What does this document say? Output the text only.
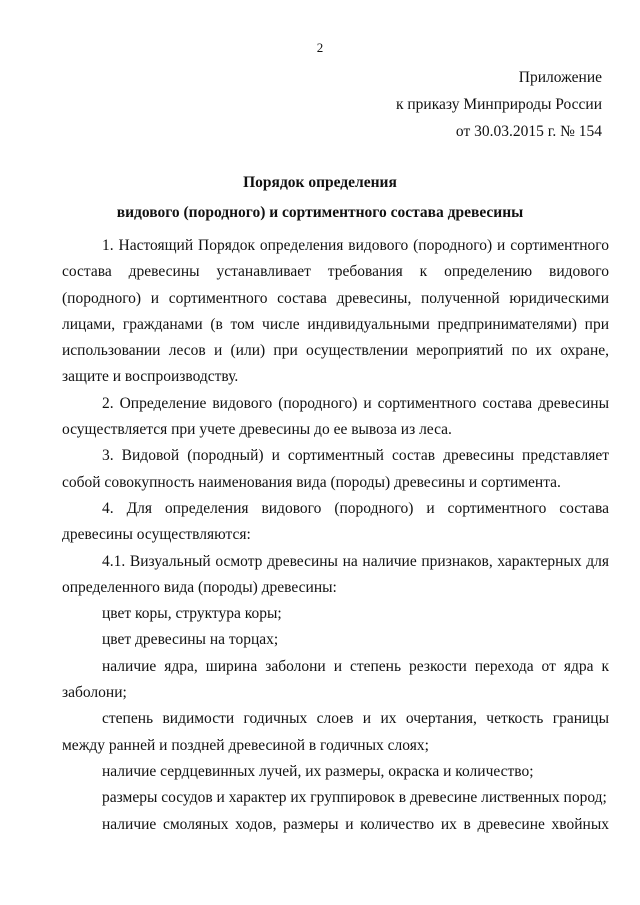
2
Приложение
к приказу Минприроды России
от 30.03.2015 г. № 154
Порядок определения
видового (породного) и сортиментного состава древесины

1. Настоящий Порядок определения видового (породного) и сортиментного состава древесины устанавливает требования к определению видового (породного) и сортиментного состава древесины, полученной юридическими лицами, гражданами (в том числе индивидуальными предпринимателями) при использовании лесов и (или) при осуществлении мероприятий по их охране, защите и воспроизводству.

2. Определение видового (породного) и сортиментного состава древесины осуществляется при учете древесины до ее вывоза из леса.

3. Видовой (породный) и сортиментный состав древесины представляет собой совокупность наименования вида (породы) древесины и сортимента.

4. Для определения видового (породного) и сортиментного состава древесины осуществляются:

4.1. Визуальный осмотр древесины на наличие признаков, характерных для определенного вида (породы) древесины:

цвет коры, структура коры;

цвет древесины на торцах;

наличие ядра, ширина заболони и степень резкости перехода от ядра к заболони;

степень видимости годичных слоев и их очертания, четкость границы между ранней и поздней древесиной в годичных слоях;

наличие сердцевинных лучей, их размеры, окраска и количество;

размеры сосудов и характер их группировок в древесине лиственных пород;

наличие смоляных ходов, размеры и количество их в древесине хвойных
